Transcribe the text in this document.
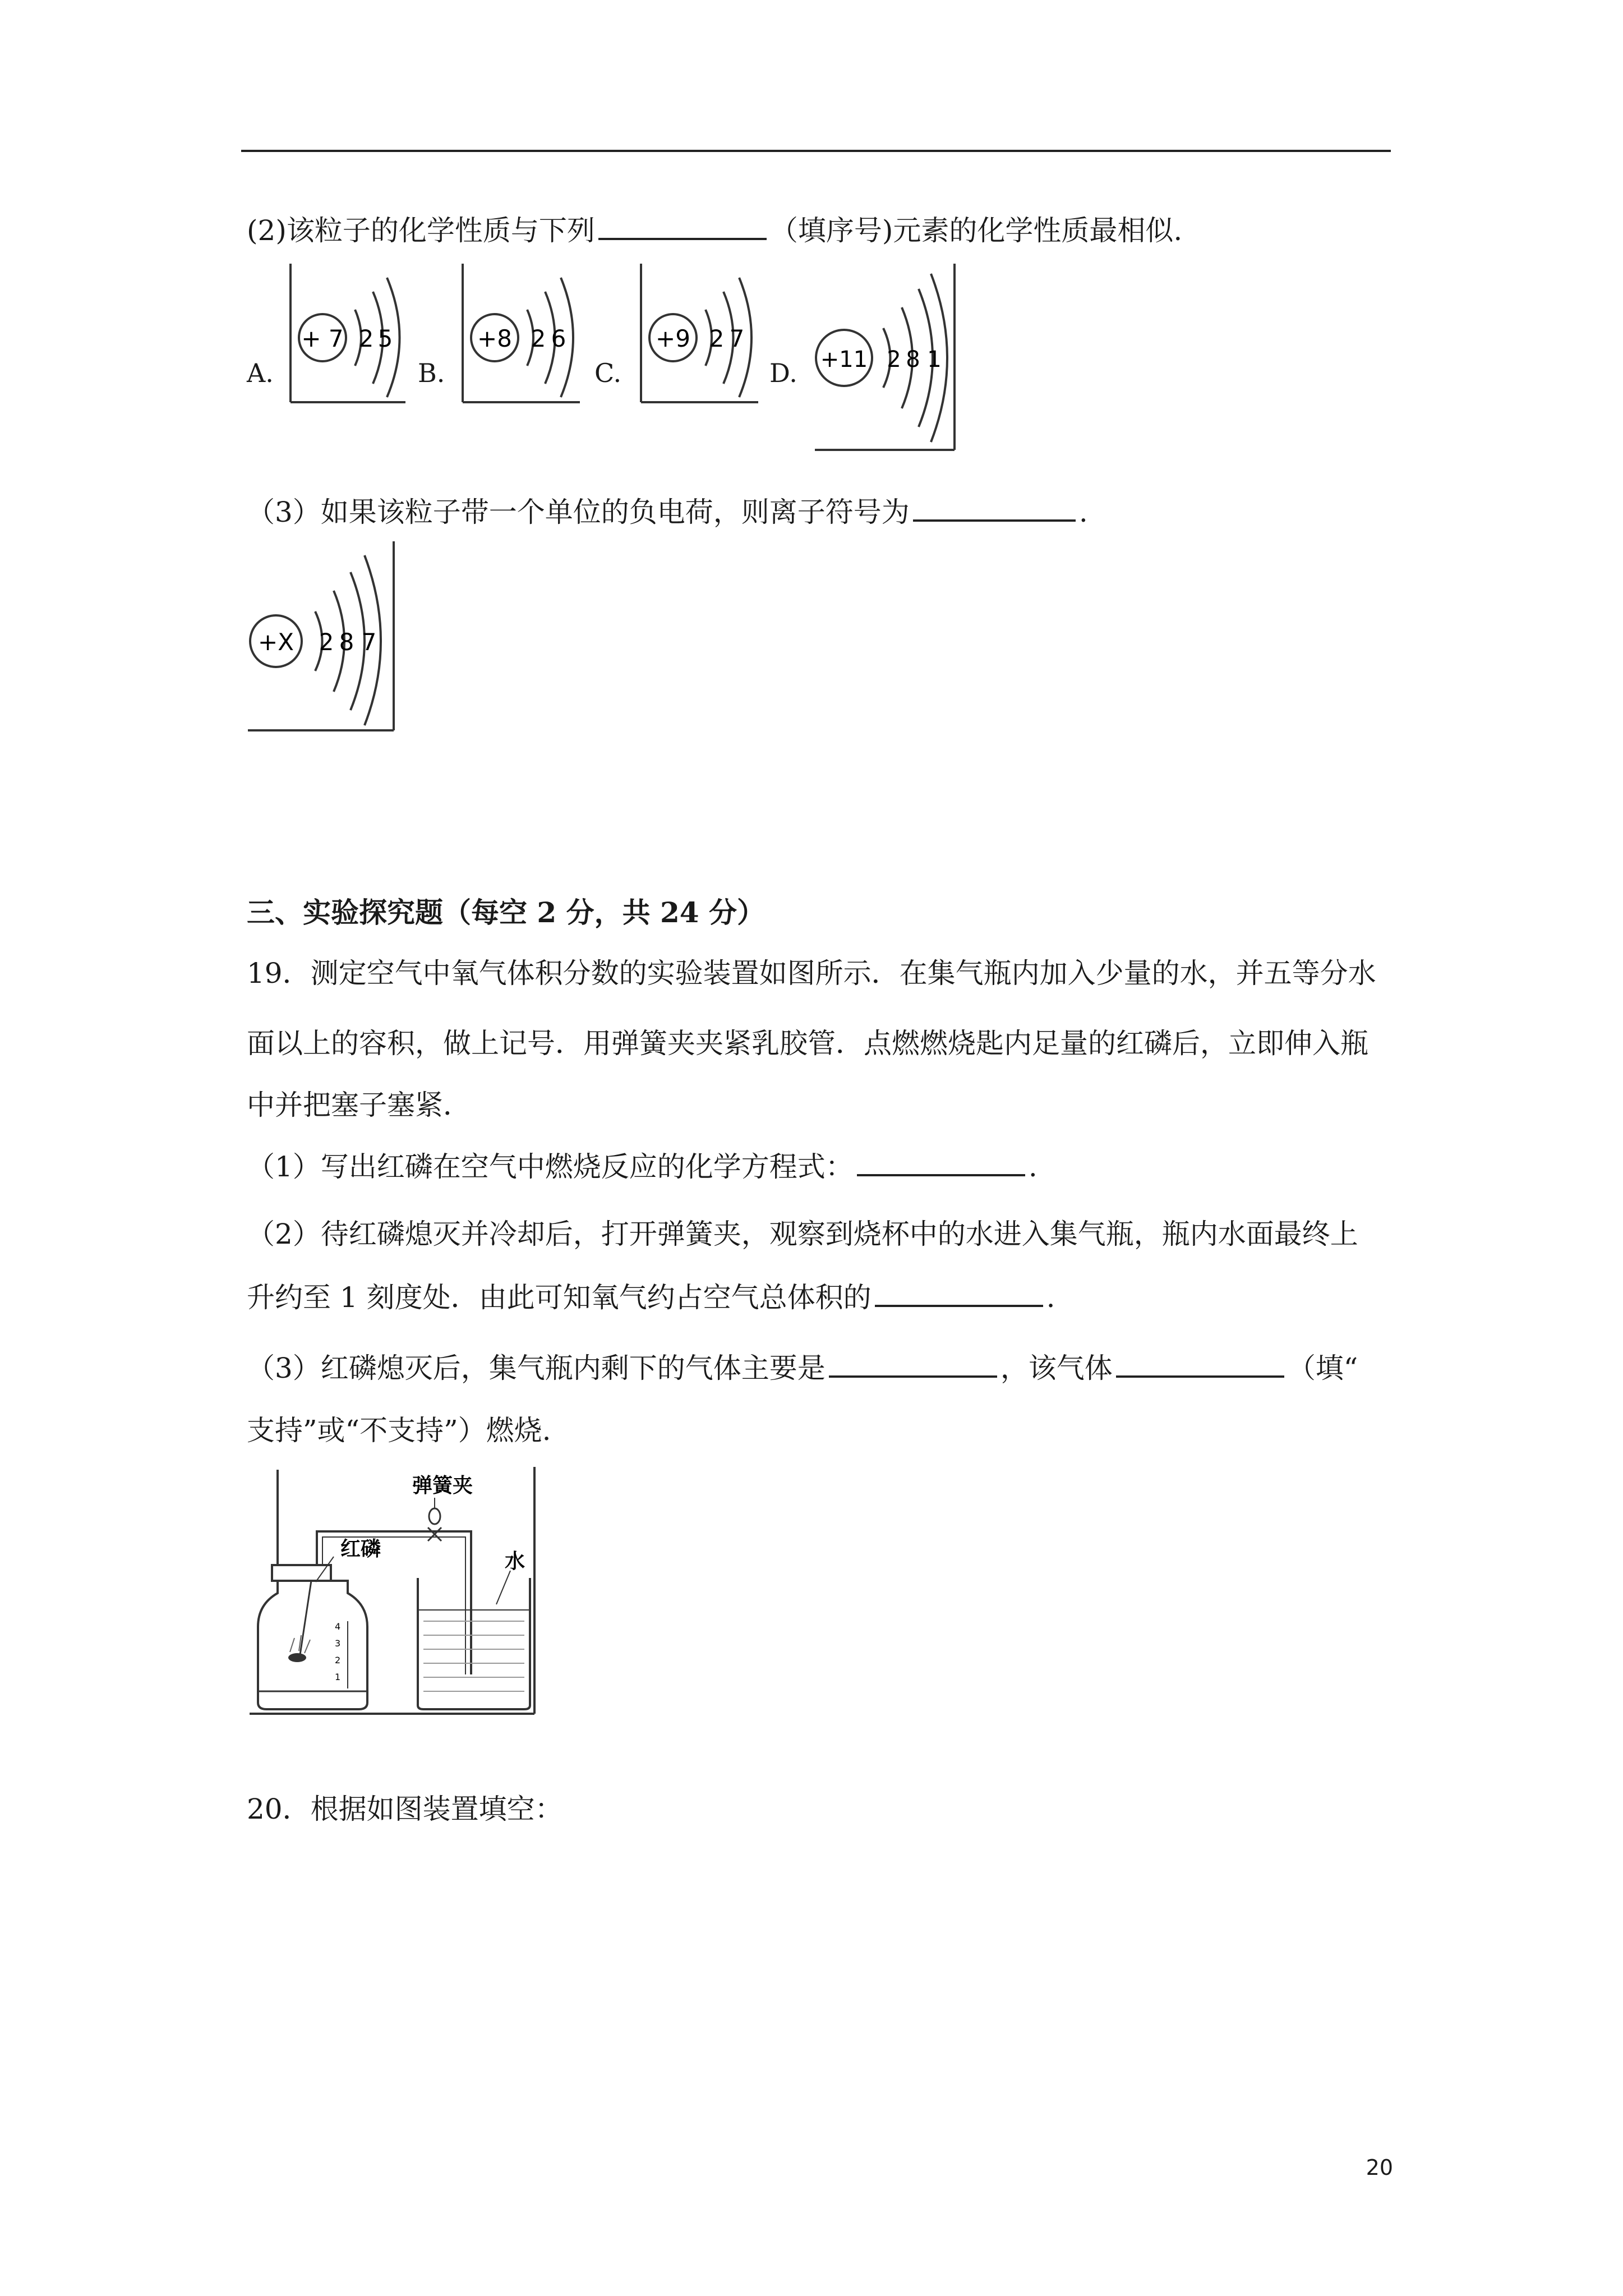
(2)该粒子的化学性质与下列	（填序号)元素的化学性质最相似.
A.
+ 7 2 5
B.
+8 2 6
C.
+9 2 7
D. +11 2 8 1
（3）如果该粒子带一个单位的负电荷，则离子符号为	.
+X 2 8 7
三、实验探究题（每空 2 分，共 24 分）
19．测定空气中氧气体积分数的实验装置如图所示．在集气瓶内加入少量的水，并五等分水
面以上的容积，做上记号．用弹簧夹夹紧乳胶管．点燃燃烧匙内足量的红磷后，立即伸入瓶
中并把塞子塞紧．
（1）写出红磷在空气中燃烧反应的化学方程式：	.
（2）待红磷熄灭并冷却后，打开弹簧夹，观察到烧杯中的水进入集气瓶，瓶内水面最终上
升约至 1 刻度处．由此可知氧气约占空气总体积的	.
（3）红磷熄灭后，集气瓶内剩下的气体主要是	，该气体	（填“
支持”或“不支持”）燃烧.
4
3
2
1
红磷
弹簧夹
水
20．根据如图装置填空：
20
